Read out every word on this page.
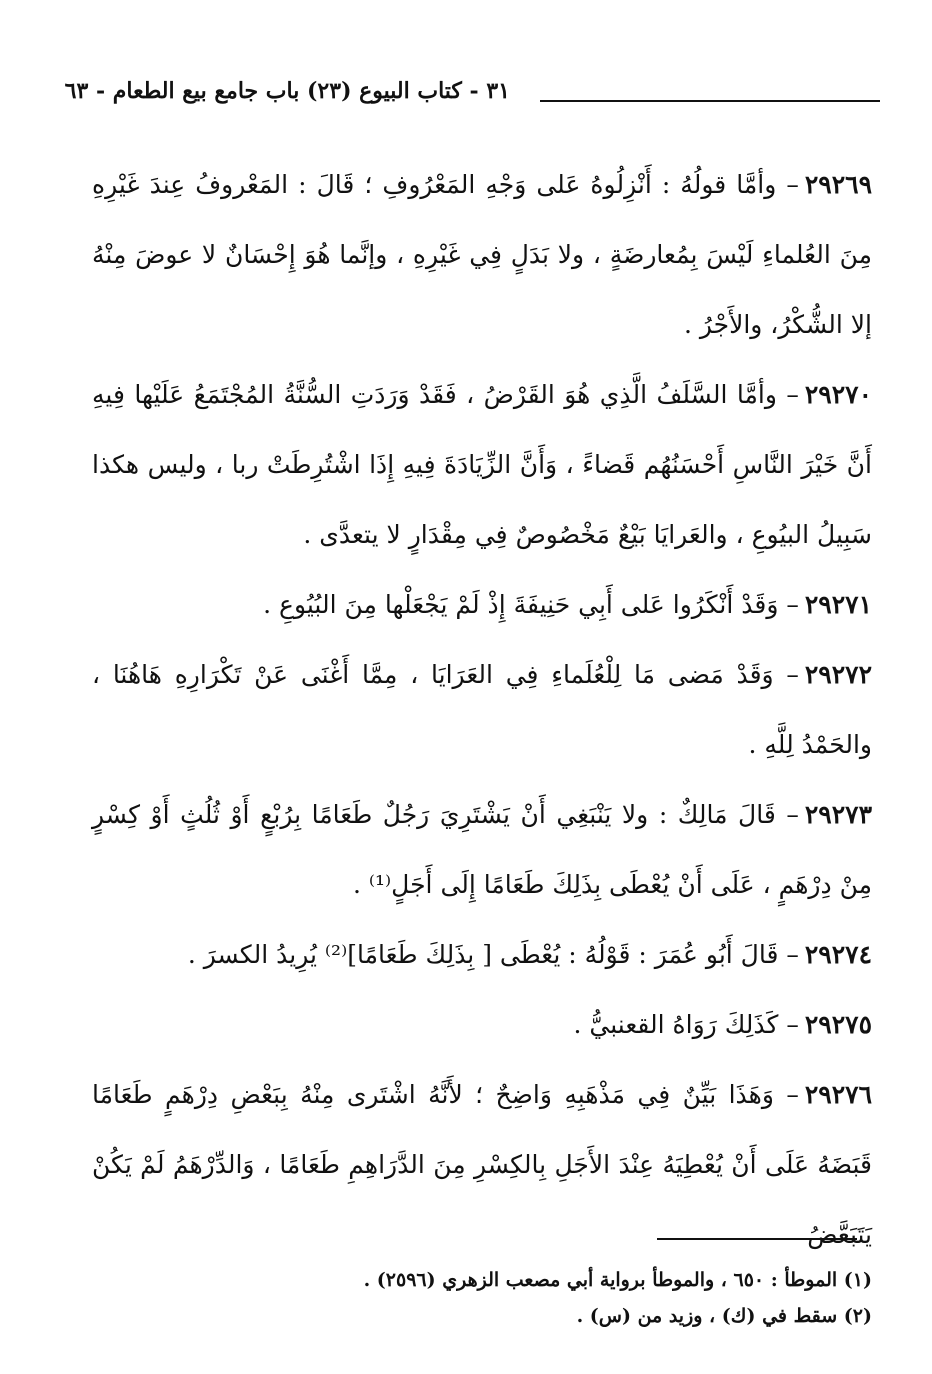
٣١ - كتاب البيوع (٢٣) باب جامع بيع الطعام - ٦٣

٢٩٢٦٩– وأمَّا قولُهُ : أَنْزِلُوهُ عَلى وَجْهِ المَعْرُوفِ ؛ قَالَ : المَعْروفُ عِندَ غَيْرِهِ مِنَ العُلماءِ لَيْسَ بِمُعارضَةٍ ، ولا بَدَلٍ فِي غَيْرِهِ ، وإنَّما هُوَ إِحْسَانٌ لا عوضَ مِنْهُ إلا الشُّكْرُ، والأَجْرُ .

٢٩٢٧٠– وأمَّا السَّلَفُ الَّذِي هُوَ القَرْضُ ، فَقَدْ وَرَدَتِ السُّنَّةُ المُجْتَمَعُ عَلَيْها فِيهِ أَنَّ خَيْرَ النَّاسِ أَحْسَنُهُم قَضاءً ، وَأَنَّ الزِّيَادَةَ فِيهِ إِذَا اشْتُرِطَتْ ربا ، وليس هكذا سَبِيلُ البيُوعِ ، والعَرايَا بَيْعٌ مَخْصُوصٌ فِي مِقْدَارٍ لا يتعدَّى .

٢٩٢٧١– وَقَدْ أَنْكَرُوا عَلى أَبِي حَنِيفَةَ إِذْ لَمْ يَجْعَلْها مِنَ البُيُوعِ .

٢٩٢٧٢– وَقَدْ مَضى مَا لِلْعُلَماءِ فِي العَرَايَا ، مِمَّا أَغْنَى عَنْ تَكْرَارِهِ هَاهُنَا ، والحَمْدُ لِلَّهِ .

٢٩٢٧٣– قَالَ مَالِكٌ : ولا يَنْبَغِي أَنْ يَشْتَرِيَ رَجُلٌ طَعَامًا بِرُبْعٍ أَوْ ثُلُثٍ أَوْ كِسْرٍ مِنْ دِرْهَمٍ ، عَلَى أَنْ يُعْطَى بِذَلِكَ طَعَامًا إِلَى أَجَلٍ⁽¹⁾ .

٢٩٢٧٤– قَالَ أَبُو عُمَرَ : قَوْلُهُ : يُعْطَى [ بِذَلِكَ طَعَامًا]⁽²⁾ يُرِيدُ الكسرَ .

٢٩٢٧٥– كَذَلِكَ رَوَاهُ القعنبيُّ .

٢٩٢٧٦– وَهَذَا بَيِّنٌ فِي مَذْهَبِهِ وَاضِحٌ ؛ لأَنَّهُ اشْتَرى مِنْهُ بِبَعْضِ دِرْهَمٍ طَعَامًا قَبَضَهُ عَلَى أَنْ يُعْطِيَهُ عِنْدَ الأَجَلِ بِالكِسْرِ مِنَ الدَّرَاهِمِ طَعَامًا ، وَالدِّرْهَمُ لَمْ يَكُنْ يَتَبَعَّضُ

(١) الموطأ : ٦٥٠ ، والموطأ برواية أبي مصعب الزهري (٢٥٩٦) .

(٢) سقط في (ك) ، وزيد من (س) .
